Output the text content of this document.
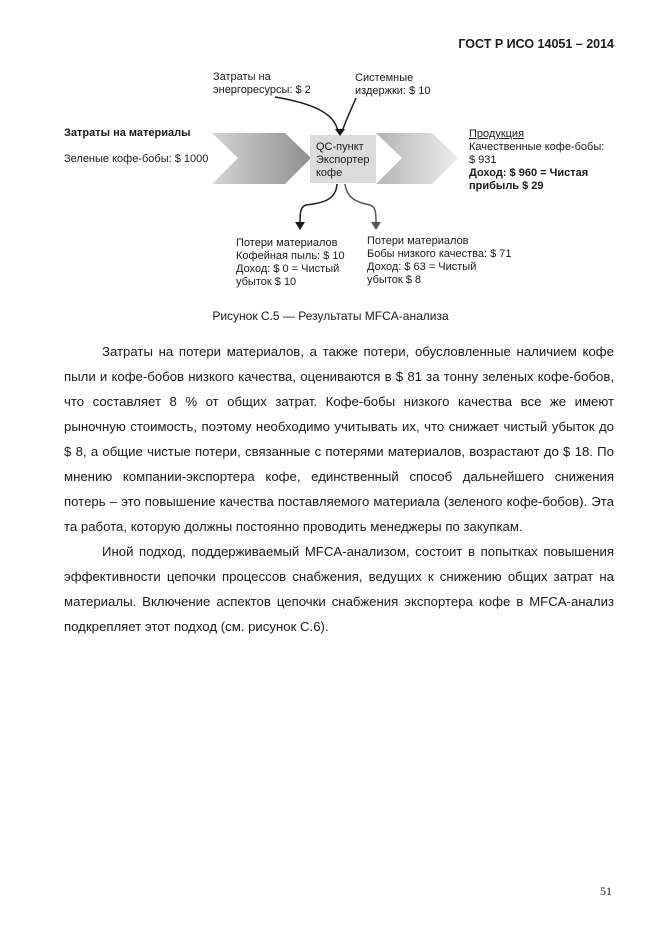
ГОСТ Р ИСО 14051 – 2014
Затраты на
энергоресурсы: $ 2
Системные
издержки: $ 10
Затраты на материалы
Зеленые кофе-бобы: $ 1000
QC-пункт
Экспортер
кофе
Продукция
Качественные кофе-бобы:
$ 931
Доход: $ 960 = Чистая
прибыль $ 29
Потери материалов
Кофейная пыль: $ 10
Доход: $ 0 = Чистый
убыток $ 10
Потери материалов
Бобы низкого качества: $ 71
Доход: $ 63 = Чистый
убыток $ 8
Рисунок С.5 — Результаты MFCA-анализа

Затраты на потери материалов, а также потери, обусловленные наличием кофе пыли и кофе-бобов низкого качества, оцениваются в $ 81 за тонну зеленых кофе-бобов, что составляет 8 % от общих затрат. Кофе-бобы низкого качества все же имеют рыночную стоимость, поэтому необходимо учитывать их, что снижает чистый убыток до $ 8, а общие чистые потери, связанные с потерями материалов, возрастают до $ 18. По мнению компании-экспортера кофе, единственный способ дальнейшего снижения потерь – это повышение качества поставляемого материала (зеленого кофе-бобов). Эта та работа, которую должны постоянно проводить менеджеры по закупкам.

Иной подход, поддерживаемый MFCA-анализом, состоит в попытках повышения эффективности цепочки процессов снабжения, ведущих к снижению общих затрат на материалы. Включение аспектов цепочки снабжения экспортера кофе в MFCA-анализ подкрепляет этот подход (см. рисунок С.6).

51
